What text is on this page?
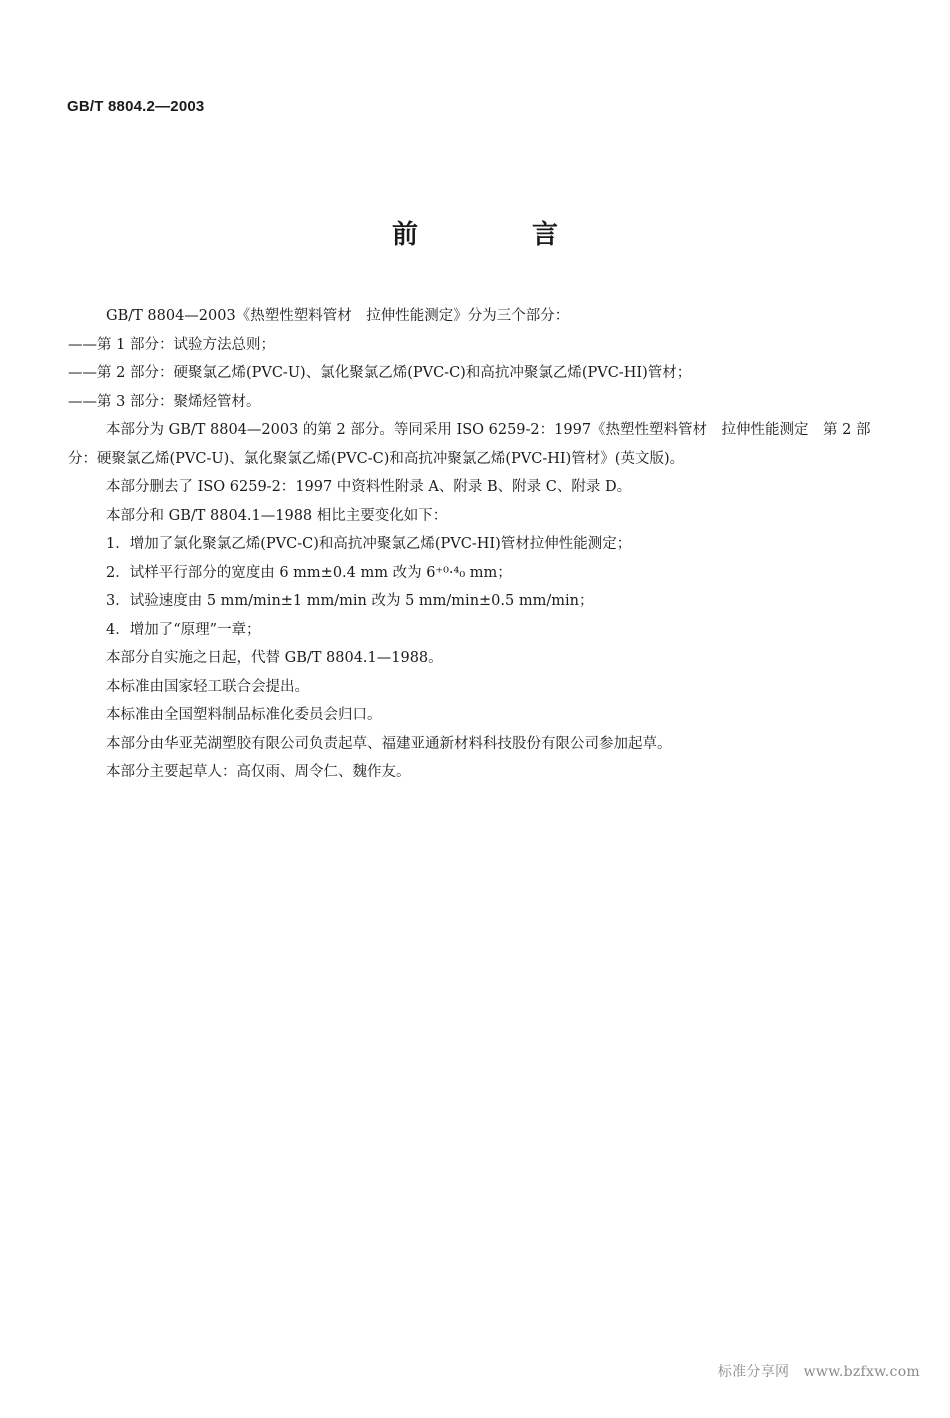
GB/T 8804.2—2003

前　言

GB/T 8804—2003《热塑性塑料管材　拉伸性能测定》分为三个部分：

——第 1 部分：试验方法总则；

——第 2 部分：硬聚氯乙烯(PVC-U)、氯化聚氯乙烯(PVC-C)和高抗冲聚氯乙烯(PVC-HI)管材；

——第 3 部分：聚烯烃管材。

本部分为 GB/T 8804—2003 的第 2 部分。等同采用 ISO 6259-2：1997《热塑性塑料管材　拉伸性能测定　第 2 部分：硬聚氯乙烯(PVC-U)、氯化聚氯乙烯(PVC-C)和高抗冲聚氯乙烯(PVC-HI)管材》(英文版)。

本部分删去了 ISO 6259-2：1997 中资料性附录 A、附录 B、附录 C、附录 D。

本部分和 GB/T 8804.1—1988 相比主要变化如下：

1．增加了氯化聚氯乙烯(PVC-C)和高抗冲聚氯乙烯(PVC-HI)管材拉伸性能测定；

2．试样平行部分的宽度由 6 mm±0.4 mm 改为 6⁺⁰·⁴₀ mm；

3．试验速度由 5 mm/min±1 mm/min 改为 5 mm/min±0.5 mm/min；

4．增加了“原理”一章；

本部分自实施之日起，代替 GB/T 8804.1—1988。

本标准由国家轻工联合会提出。

本标准由全国塑料制品标准化委员会归口。

本部分由华亚芜湖塑胶有限公司负责起草、福建亚通新材料科技股份有限公司参加起草。

本部分主要起草人：高仅雨、周令仁、魏作友。

标准分享网　www.bzfxw.com
